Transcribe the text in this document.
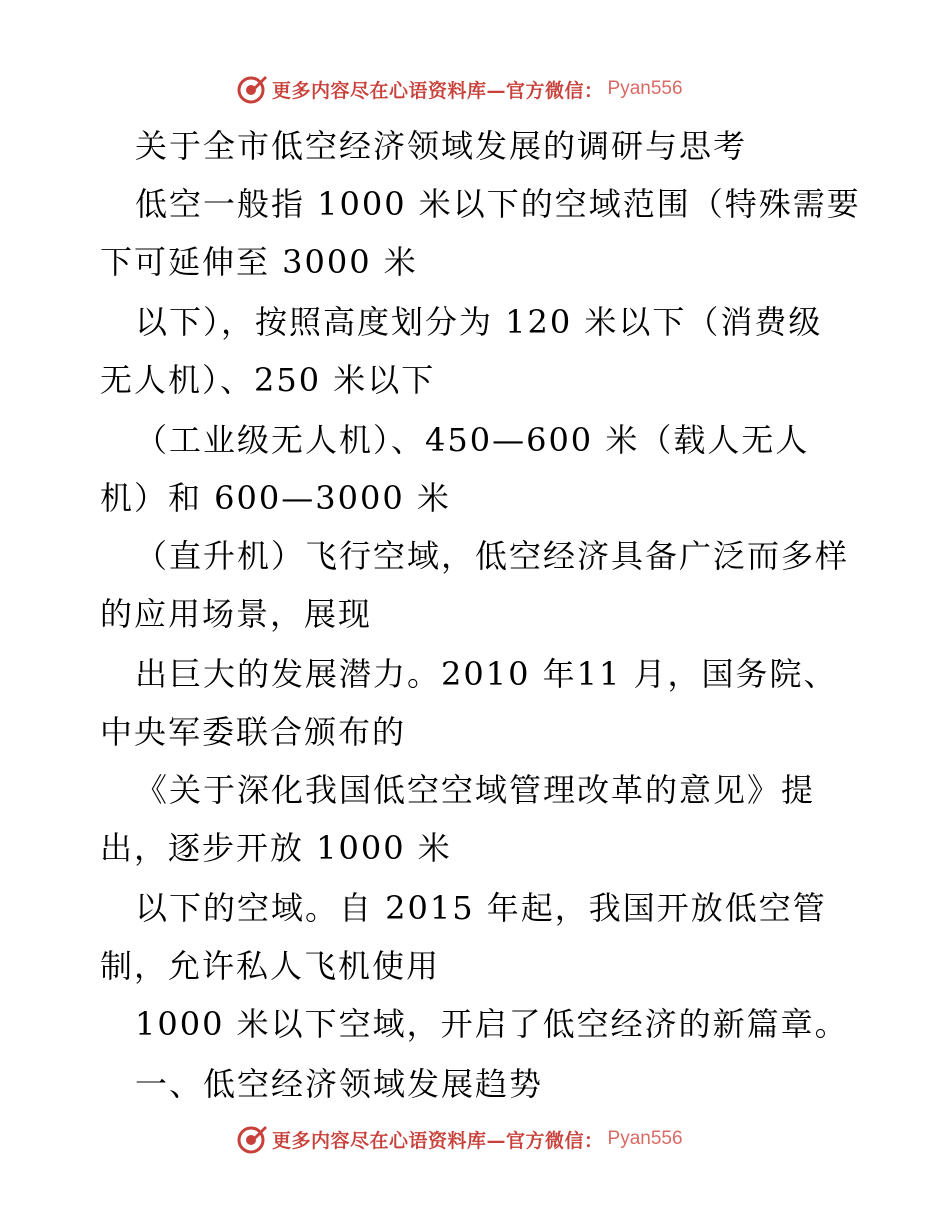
更多内容尽在心语资料库—官方微信： Pyan556
关于全市低空经济领域发展的调研与思考
低空一般指 1000 米以下的空域范围（特殊需要
下可延伸至 3000 米
以下），按照高度划分为 120 米以下（消费级
无人机）、250 米以下
（工业级无人机）、450—600 米（载人无人
机）和 600—3000 米
（直升机）飞行空域，低空经济具备广泛而多样
的应用场景，展现
出巨大的发展潜力。2010 年11 月，国务院、
中央军委联合颁布的
《关于深化我国低空空域管理改革的意见》提
出，逐步开放 1000 米
以下的空域。自 2015 年起，我国开放低空管
制，允许私人飞机使用
1000 米以下空域，开启了低空经济的新篇章。
一、低空经济领域发展趋势
更多内容尽在心语资料库—官方微信： Pyan556
